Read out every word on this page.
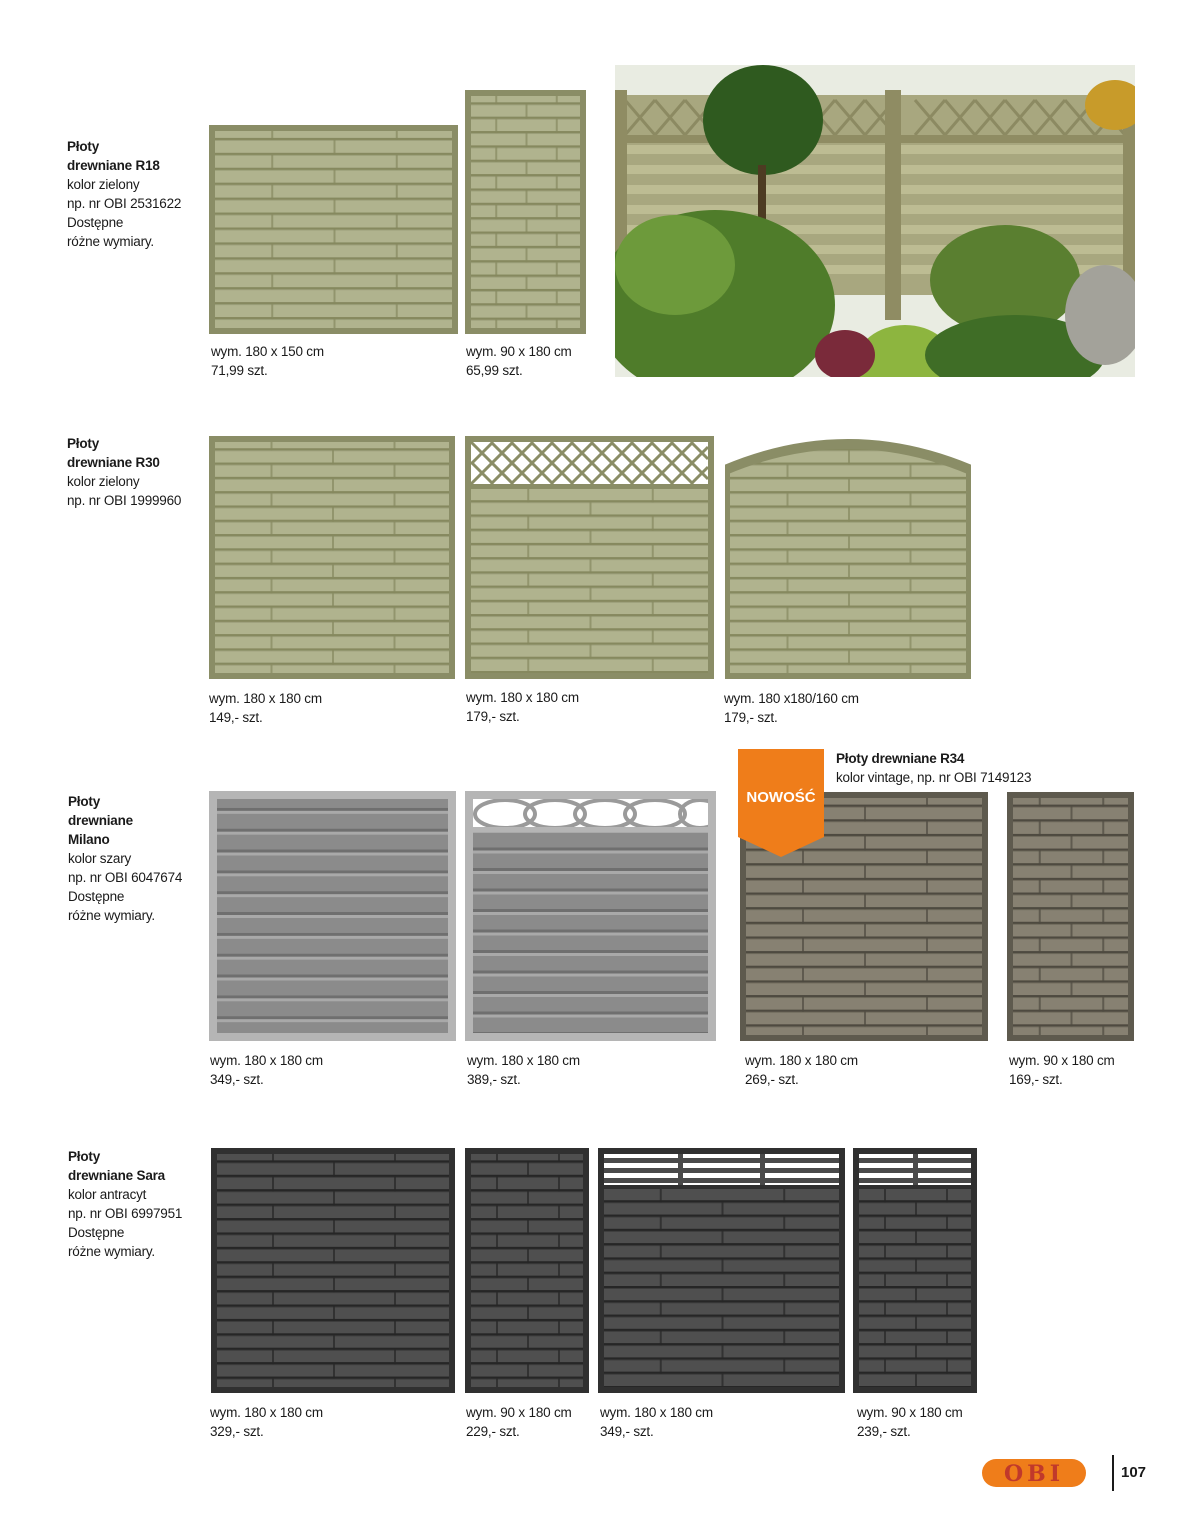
Płoty
drewniane R18
kolor zielony
np. nr OBI 2531622
Dostępne
różne wymiary.
wym. 180 x 150 cm
71,99 szt.
wym. 90 x 180 cm
65,99 szt.
Płoty
drewniane R30
kolor zielony
np. nr OBI 1999960
wym. 180 x 180 cm
149,- szt.
wym. 180 x 180 cm
179,- szt.
wym. 180 x180/160 cm
179,- szt.
Płoty
drewniane
Milano
kolor szary
np. nr OBI 6047674
Dostępne
różne wymiary.
wym. 180 x 180 cm
349,- szt.
wym. 180 x 180 cm
389,- szt.
Płoty drewniane R34
kolor vintage, np. nr OBI 7149123
NOWOŚĆ
wym. 180 x 180 cm
269,- szt.
wym. 90 x 180 cm
169,- szt.
Płoty
drewniane Sara
kolor antracyt
np. nr OBI 6997951
Dostępne
różne wymiary.
wym. 180 x 180 cm
329,- szt.
wym. 90 x 180 cm
229,- szt.
wym. 180 x 180 cm
349,- szt.
wym. 90 x 180 cm
239,- szt.
OBI	107
